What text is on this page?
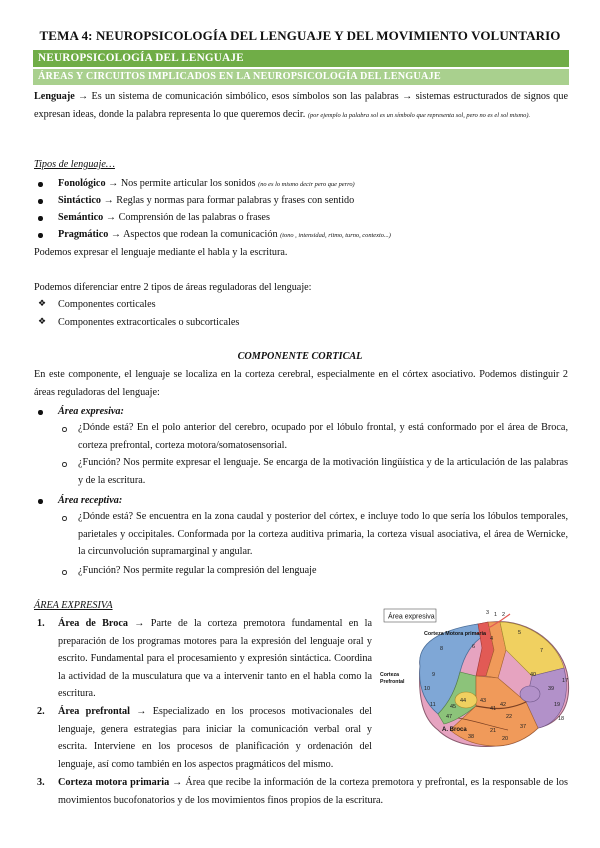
TEMA 4: NEUROPSICOLOGÍA DEL LENGUAJE Y DEL MOVIMIENTO VOLUNTARIO
NEUROPSICOLOGÍA DEL LENGUAJE
ÁREAS Y CIRCUITOS IMPLICADOS EN LA NEUROPSICOLOGÍA DEL LENGUAJE
Lenguaje → Es un sistema de comunicación simbólico, esos símbolos son las palabras → sistemas estructurados de signos que expresan ideas, donde la palabra representa lo que queremos decir. (por ejemplo la palabra sol es un símbolo que representa sol, pero no es el sol mismo).
Tipos de lenguaje…
Fonológico → Nos permite articular los sonidos (no es lo mismo decir pero que perro)
Sintáctico → Reglas y normas para formar palabras y frases con sentido
Semántico → Comprensión de las palabras o frases
Pragmático → Aspectos que rodean la comunicación (tono , intensidad, ritmo, turno, contexto...)
Podemos expresar el lenguaje mediante el habla y la escritura.
Podemos diferenciar entre 2 tipos de áreas reguladoras del lenguaje:
❖ Componentes corticales
❖ Componentes extracorticales o subcorticales
COMPONENTE CORTICAL
En este componente, el lenguaje se localiza en la corteza cerebral, especialmente en el córtex asociativo. Podemos distinguir 2 áreas reguladoras del lenguaje:
Área expresiva:
¿Dónde está? En el polo anterior del cerebro, ocupado por el lóbulo frontal, y está conformado por el área de Broca, corteza prefrontal, corteza motora/somatosensorial.
¿Función? Nos permite expresar el lenguaje. Se encarga de la motivación lingüística y de la articulación de las palabras y de la escritura.
Área receptiva:
¿Dónde está? Se encuentra en la zona caudal y posterior del córtex, e incluye todo lo que sería los lóbulos temporales, parietales y occipitales. Conformada por la corteza auditiva primaria, la corteza visual asociativa, el área de Wernicke, la circunvolución supramarginal y angular.
¿Función? Nos permite regular la compresión del lenguaje
ÁREA EXPRESIVA
1. Área de Broca → Parte de la corteza premotora fundamental en la preparación de los programas motores para la expresión del lenguaje oral y escrito. Fundamental para el procesamiento y expresión sintáctica. Coordina la actividad de la musculatura que va a intervenir tanto en el habla como la escritura.
2. Área prefrontal → Especializado en los procesos motivacionales del lenguaje, genera estrategias para iniciar la comunicación verbal oral y escrita. Interviene en los procesos de planificación y ordenación del lenguaje, así como también en los aspectos pragmáticos del mismo.
3. Corteza motora primaria → Área que recibe la información de la corteza premotora y prefrontal, es la responsable de los movimientos bucofonatorios y de los movimientos finos propios de la escritura.
Área expresiva
Corteza Motora primaria
Corteza
Prefrontal
A. Broca
3 1 2
5
4
6
7
8
9
10
11
40
39
19
18
17
44
45
47	22
21
37
38	20
41
42
43
